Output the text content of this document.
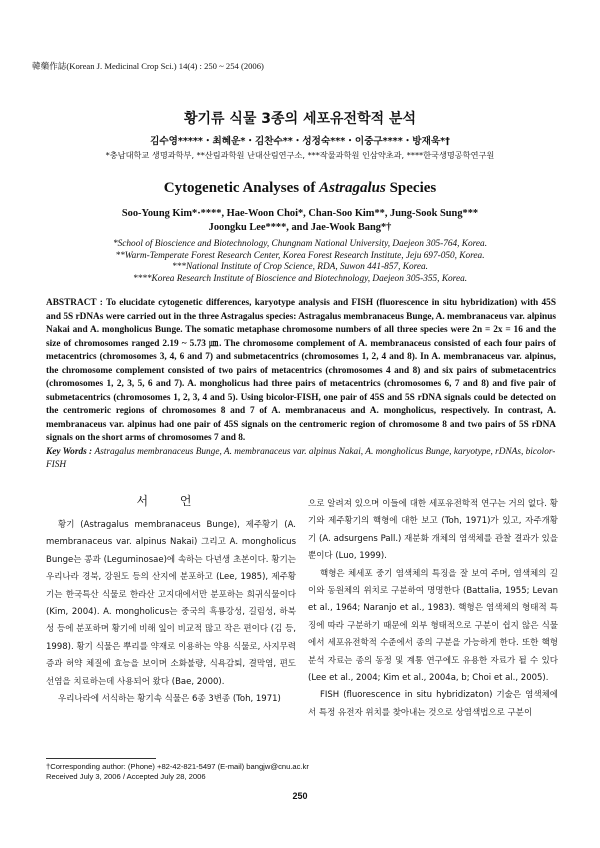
韓藥作誌(Korean J. Medicinal Crop Sci.) 14(4) : 250 ~ 254 (2006)
황기류 식물 3종의 세포유전학적 분석
김수영*****・최혜운*・김찬수**・성정숙***・이중구****・방재욱*†
*충남대학교 생명과학부, **산림과학원 난대산림연구소, ***작물과학원 인삼약초과, ****한국생명공학연구원
Cytogenetic Analyses of Astragalus Species
Soo-Young Kim*·****, Hae-Woon Choi*, Chan-Soo Kim**, Jung-Sook Sung***
Joongku Lee****, and Jae-Wook Bang*†
*School of Bioscience and Biotechnology, Chungnam National University, Daejeon 305-764, Korea.
**Warm-Temperate Forest Research Center, Korea Forest Research Institute, Jeju 697-050, Korea.
***National Institute of Crop Science, RDA, Suwon 441-857, Korea.
****Korea Research Institute of Bioscience and Biotechnology, Daejeon 305-355, Korea.
ABSTRACT : To elucidate cytogenetic differences, karyotype analysis and FISH (fluorescence in situ hybridization) with 45S and 5S rDNAs were carried out in the three Astragalus species: Astragalus membranaceus Bunge, A. membranaceus var. alpinus Nakai and A. mongholicus Bunge. The somatic metaphase chromosome numbers of all three species were 2n = 2x = 16 and the size of chromosomes ranged 2.19 ~ 5.73 ㎛. The chromosome complement of A. membranaceus consisted of each four pairs of metacentrics (chromosomes 3, 4, 6 and 7) and submetacentrics (chromosomes 1, 2, 4 and 8). In A. membranaceus var. alpinus, the chromosome complement consisted of two pairs of metacentrics (chromosomes 4 and 8) and six pairs of submetacentrics (chromosomes 1, 2, 3, 5, 6 and 7). A. mongholicus had three pairs of metacentrics (chromosomes 6, 7 and 8) and five pair of submetacentrics (chromosomes 1, 2, 3, 4 and 5). Using bicolor-FISH, one pair of 45S and 5S rDNA signals could be detected on the centromeric regions of chromosomes 8 and 7 of A. membranaceus and A. mongholicus, respectively. In contrast, A. membranaceus var. alpinus had one pair of 45S signals on the centromeric region of chromosome 8 and two pairs of 5S rDNA signals on the short arms of chromosomes 7 and 8.
Key Words : Astragalus membranaceus Bunge, A. membranaceus var. alpinus Nakai, A. mongholicus Bunge, karyotype, rDNAs, bicolor-FISH
서 언

황기 (Astragalus membranaceus Bunge), 제주황기 (A. membranaceus var. alpinus Nakai) 그리고 A. mongholicus Bunge는 콩과 (Leguminosae)에 속하는 다년생 초본이다. 황기는 우리나라 경북, 강원도 등의 산지에 분포하고 (Lee, 1985), 제주황기는 한국특산 식물로 한라산 고지대에서만 분포하는 희귀식물이다 (Kim, 2004). A. mongholicus는 중국의 흑룡강성, 길림성, 하북성 등에 분포하며 황기에 비해 잎이 비교적 많고 작은 편이다 (김 등, 1998). 황기 식물은 뿌리를 약재로 이용하는 약용 식물로, 사지무력증과 허약 체질에 효능을 보이며 소화불량, 식욕감퇴, 결막염, 편도선염을 치료하는데 사용되어 왔다 (Bae, 2000).

우리나라에 서식하는 황기속 식물은 6종 3변종 (Toh, 1971)

으로 알려져 있으며 이들에 대한 세포유전학적 연구는 거의 없다. 황기와 제주황기의 핵형에 대한 보고 (Toh, 1971)가 있고, 자주개황기 (A. adsurgens Pall.) 재분화 개체의 염색체를 관찰 결과가 있을 뿐이다 (Luo, 1999).

핵형은 체세포 중기 염색체의 특징을 잘 보여 주며, 염색체의 길이와 동원체의 위치로 구분하여 명명한다 (Battalia, 1955; Levan et al., 1964; Naranjo et al., 1983). 핵형은 염색체의 형태적 특징에 따라 구분하기 때문에 외부 형태적으로 구분이 쉽지 않은 식물에서 세포유전학적 수준에서 종의 구분을 가능하게 한다. 또한 핵형 분석 자료는 종의 동정 및 계통 연구에도 유용한 자료가 될 수 있다 (Lee et al., 2004; Kim et al., 2004a, b; Choi et al., 2005).

FISH (fluorescence in situ hybridizaton) 기술은 염색체에서 특정 유전자 위치를 찾아내는 것으로 상염색법으로 구분이

†Corresponding author: (Phone) +82-42-821-5497 (E-mail) bangjw@cnu.ac.kr
Received July 3, 2006 / Accepted July 28, 2006
250
